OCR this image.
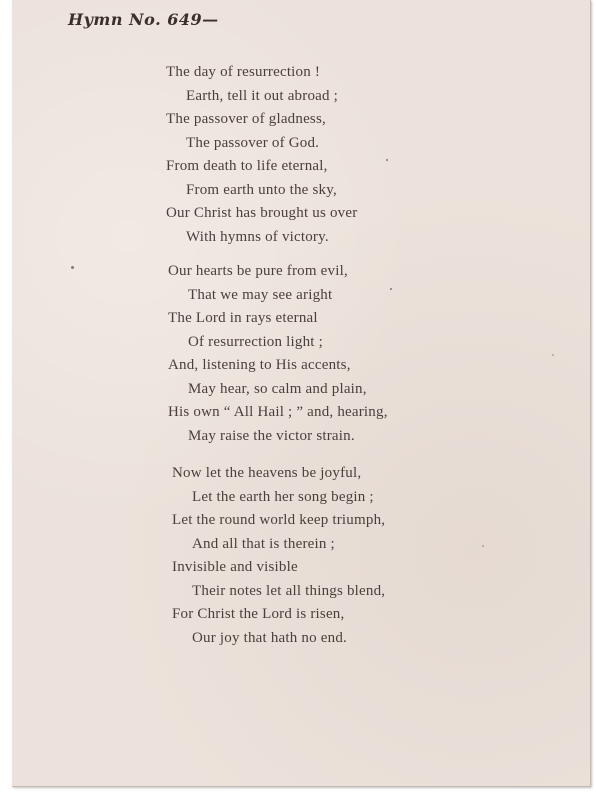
Hymn No. 649—
The day of resurrection !
Earth, tell it out abroad ;
The passover of gladness,
The passover of God.
From death to life eternal,
From earth unto the sky,
Our Christ has brought us over
With hymns of victory.
Our hearts be pure from evil,
That we may see aright
The Lord in rays eternal
Of resurrection light ;
And, listening to His accents,
May hear, so calm and plain,
His own “ All Hail ; ” and, hearing,
May raise the victor strain.
Now let the heavens be joyful,
Let the earth her song begin ;
Let the round world keep triumph,
And all that is therein ;
Invisible and visible
Their notes let all things blend,
For Christ the Lord is risen,
Our joy that hath no end.
